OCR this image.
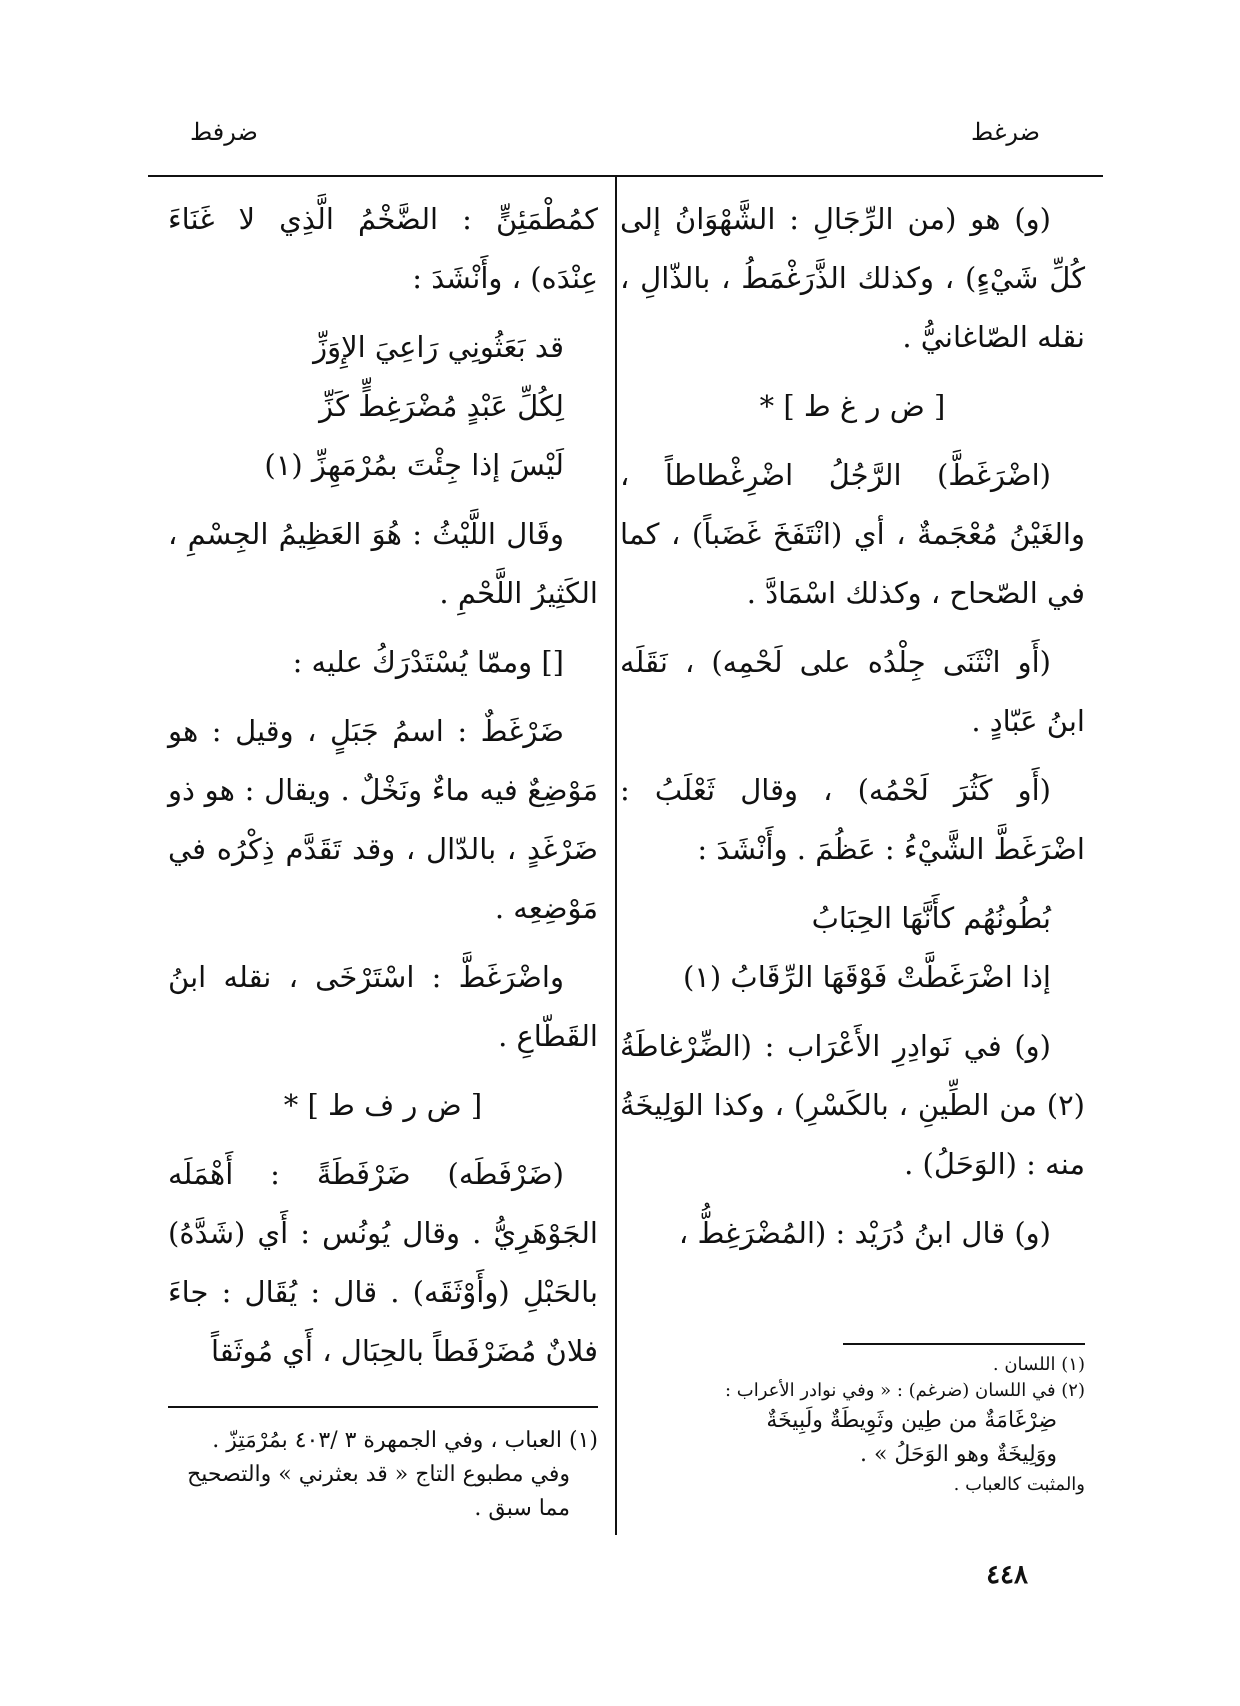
ضرغط
ضرفط

(و) هو (من الرِّجَالِ : الشَّهْوَانُ إلى كُلِّ شَيْءٍ) ، وكذلك الذَّرَغْمَطُ ، بالذّالِ ، نقله الصّاغانيُّ .

[ ض ر غ ط ] *

(اضْرَغَطَّ) الرَّجُلُ اضْرِغْطاطاً ، والغَيْنُ مُعْجَمةٌ ، أي (انْتَفَخَ غَضَباً) ، كما في الصّحاح ، وكذلك اسْمَادَّ .

(أَو انْثَنَى جِلْدُه على لَحْمِه) ، نَقَلَه ابنُ عَبّادٍ .

(أَو كَثُرَ لَحْمُه) ، وقال ثَعْلَبُ : اضْرَغَطَّ الشَّيْءُ : عَظُمَ . وأَنْشَدَ :

بُطُونُهُم كأَنَّهَا الحِبَابُ
إذا اضْرَغَطَّتْ فَوْقَهَا الرِّقَابُ (١)

(و) في نَوادِرِ الأَعْرَاب : (الضِّرْغاطَةُ (٢) من الطِّينِ ، بالكَسْرِ) ، وكذا الوَلِيخَةُ منه : (الوَحَلُ) .

(و) قال ابنُ دُرَيْد : (المُضْرَغِطُّ ،

كمُطْمَئِنٍّ : الضَّخْمُ الَّذِي لا غَنَاءَ عِنْدَه) ، وأَنْشَدَ :

قد بَعَثُونِي رَاعِيَ الإِوَزِّ
لِكُلِّ عَبْدٍ مُضْرَغِطٍّ كَزِّ
لَيْسَ إذا جِئْتَ بمُرْمَهِزِّ (١)

وقَال اللَّيْثُ : هُوَ العَظِيمُ الجِسْمِ ، الكَثِيرُ اللَّحْمِ .

[] وممّا يُسْتَدْرَكُ عليه :

ضَرْغَطٌ : اسمُ جَبَلٍ ، وقيل : هو مَوْضِعٌ فيه ماءٌ ونَخْلٌ . ويقال : هو ذو ضَرْغَدٍ ، بالدّال ، وقد تَقَدَّم ذِكْرُه في مَوْضِعِه .

واضْرَغَطَّ : اسْتَرْخَى ، نقله ابنُ القَطّاعِ .

[ ض ر ف ط ] *

(ضَرْفَطَه) ضَرْفَطَةً : أَهْمَلَه الجَوْهَرِيُّ . وقال يُونُس : أَي (شَدَّهُ) بالحَبْلِ (وأَوْثَقَه) . قال : يُقَال : جاءَ فلانٌ مُضَرْفَطاً بالحِبَال ، أَي مُوثَقاً	(١) اللسان .

(٢) في اللسان (ضرغم) : « وفي نوادر الأعراب :

ضِرْغَامَةٌ من طِين وثَوِيطَةٌ ولَبِيخَةٌ

ووَلِيخَةٌ وهو الوَحَلُ » .

والمثبت كالعباب .

(١) العباب ، وفي الجمهرة ٣ /٤٠٣ بمُرْمَتِزّ .

وفي مطبوع التاج « قد بعثرني » والتصحيح

مما سبق .

٤٤٨
